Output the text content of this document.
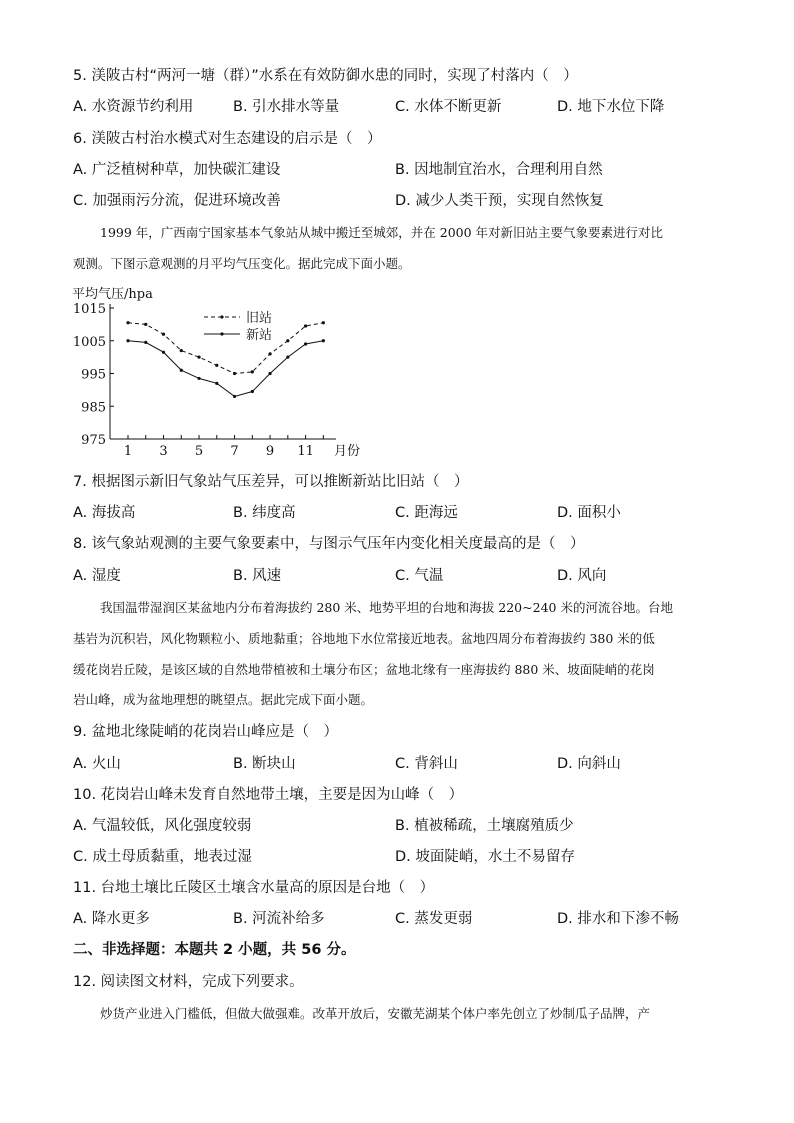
5. 渼陂古村“两河一塘（群）”水系在有效防御水患的同时，实现了村落内（　）
A. 水资源节约利用	B. 引水排水等量	C. 水体不断更新	D. 地下水位下降
6. 渼陂古村治水模式对生态建设的启示是（　）
A. 广泛植树种草，加快碳汇建设	B. 因地制宜治水，合理利用自然
C. 加强雨污分流，促进环境改善	D. 减少人类干预，实现自然恢复
1999 年，广西南宁国家基本气象站从城中搬迁至城郊，并在 2000 年对新旧站主要气象要素进行对比
观测。下图示意观测的月平均气压变化。据此完成下面小题。
平均气压/hpa
1015
1005
995
985
975
1 3 5 7 9 11
旧站
新站
月份
7. 根据图示新旧气象站气压差异，可以推断新站比旧站（　）
A. 海拔高	B. 纬度高	C. 距海远	D. 面积小
8. 该气象站观测的主要气象要素中，与图示气压年内变化相关度最高的是（　）
A. 湿度	B. 风速	C. 气温	D. 风向
我国温带湿润区某盆地内分布着海拔约 280 米、地势平坦的台地和海拔 220~240 米的河流谷地。台地
基岩为沉积岩，风化物颗粒小、质地黏重；谷地地下水位常接近地表。盆地四周分布着海拔约 380 米的低
缓花岗岩丘陵，是该区域的自然地带植被和土壤分布区；盆地北缘有一座海拔约 880 米、坡面陡峭的花岗
岩山峰，成为盆地理想的眺望点。据此完成下面小题。
9. 盆地北缘陡峭的花岗岩山峰应是（　）
A. 火山	B. 断块山	C. 背斜山	D. 向斜山
10. 花岗岩山峰未发育自然地带土壤，主要是因为山峰（　）
A. 气温较低，风化强度较弱	B. 植被稀疏，土壤腐殖质少
C. 成土母质黏重，地表过湿	D. 坡面陡峭，水土不易留存
11. 台地土壤比丘陵区土壤含水量高的原因是台地（　）
A. 降水更多	B. 河流补给多	C. 蒸发更弱	D. 排水和下渗不畅
二、非选择题：本题共 2 小题，共 56 分。
12. 阅读图文材料，完成下列要求。
炒货产业进入门槛低，但做大做强难。改革开放后，安徽芜湖某个体户率先创立了炒制瓜子品牌，产
